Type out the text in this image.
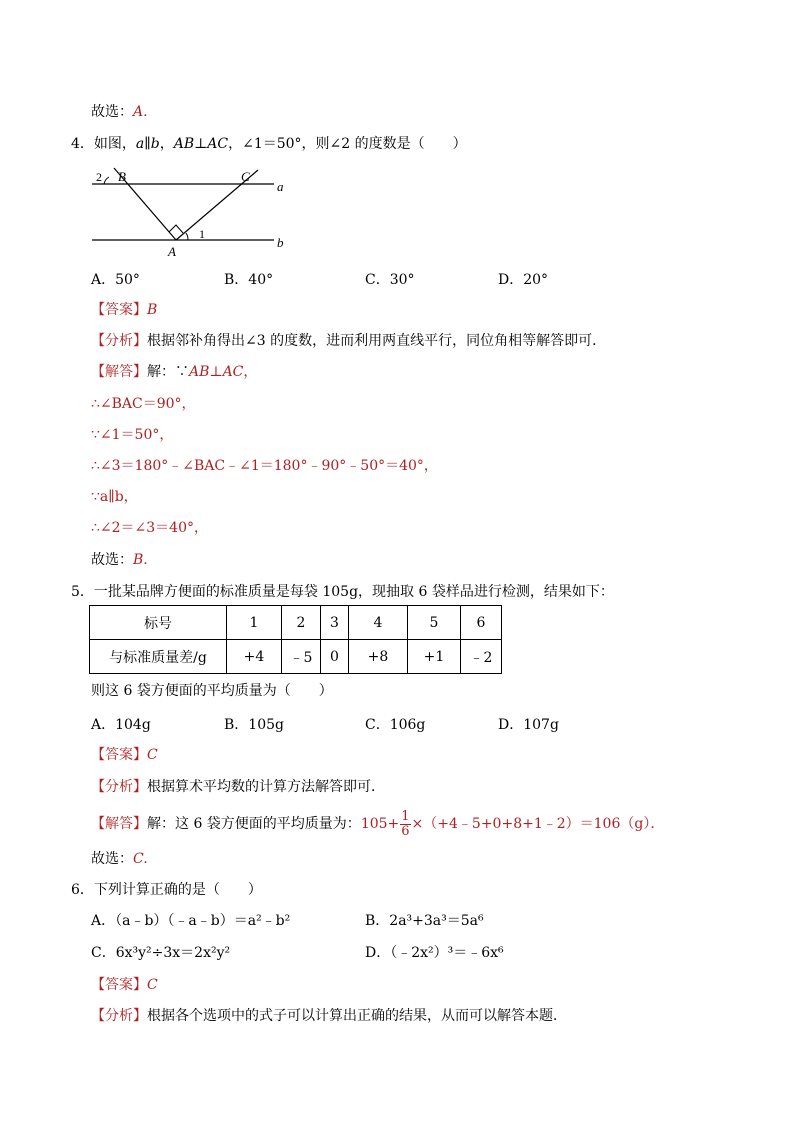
故选：A.
4．如图，a∥b，AB⊥AC，∠1＝50°，则∠2 的度数是（　　）
B	C
A
a
b
1
2
A．50°	B．40°	C．30°	D．20°
【答案】B
【分析】根据邻补角得出∠3 的度数，进而利用两直线平行，同位角相等解答即可．
【解答】解：∵AB⊥AC，
∴∠BAC＝90°，
∵∠1＝50°，
∴∠3＝180°﹣∠BAC﹣∠1＝180°﹣90°﹣50°＝40°，
∵a∥b，
∴∠2＝∠3＝40°，
故选：B.
5．一批某品牌方便面的标准质量是每袋 105g，现抽取 6 袋样品进行检测，结果如下：
标号	1	2	3	4	5	6
与标准质量差/g	+4	﹣5	0	+8	+1	﹣2
则这 6 袋方便面的平均质量为（　　）
A．104g	B．105g	C．106g	D．107g
【答案】C
【分析】根据算术平均数的计算方法解答即可．
【解答】解：这 6 袋方便面的平均质量为：$105+ \frac{1}{6}$ ×（+4﹣5+0+8+1﹣2）＝106（g）．
故选：C.
6．下列计算正确的是（　　）
A．（a﹣b）（﹣a﹣b）＝a²﹣b²	B．2a³+3a³＝5a⁶
C．6x³y²÷3x＝2x²y²	D．（﹣2x²）³＝﹣6x⁶
【答案】C
【分析】根据各个选项中的式子可以计算出正确的结果，从而可以解答本题．
